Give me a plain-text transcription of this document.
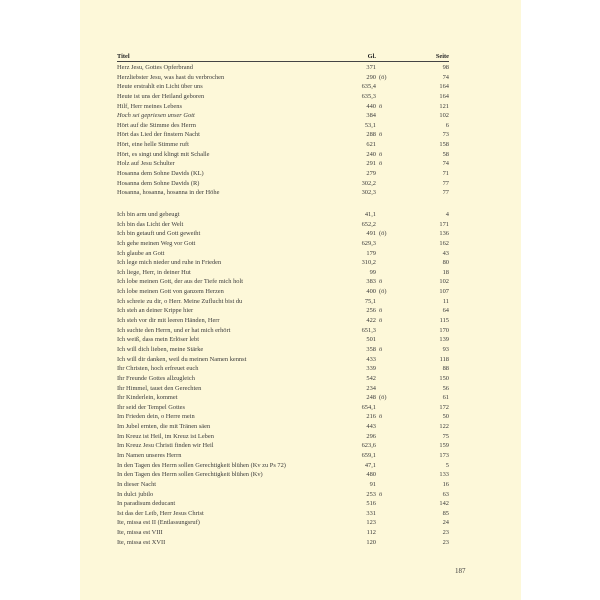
Titel	Gl.	Seite
Herz Jesu, Gottes Opferbrand	371	98
Herzliebster Jesu, was hast du verbrochen	290 (ö)	74
Heute erstrahlt ein Licht über uns	635,4	164
Heute ist uns der Heiland geboren	635,3	164
Hilf, Herr meines Lebens	440 ö	121
Hoch sei gepriesen unser Gott	384	102
Hört auf die Stimme des Herrn	53,1	6
Hört das Lied der finstern Nacht	288 ö	73
Hört, eine helle Stimme ruft	621	158
Hört, es singt und klingt mit Schalle	240 ö	58
Holz auf Jesu Schulter	291 ö	74
Hosanna dem Sohne Davids (KL)	279	71
Hosanna dem Sohne Davids (R)	302,2	77
Hosanna, hosanna, hosanna in der Höhe	302,3	77
Ich bin arm und gebeugt	41,1	4
Ich bin das Licht der Welt	652,2	171
Ich bin getauft und Gott geweiht	491 (ö)	136
Ich gehe meinen Weg vor Gott	629,3	162
Ich glaube an Gott	179	43
Ich lege mich nieder und ruhe in Frieden	310,2	80
Ich liege, Herr, in deiner Hut	99	18
Ich lobe meinen Gott, der aus der Tiefe mich holt	383 ö	102
Ich lobe meinen Gott von ganzem Herzen	400 (ö)	107
Ich schreie zu dir, o Herr. Meine Zuflucht bist du	75,1	11
Ich steh an deiner Krippe hier	256 ö	64
Ich steh vor dir mit leeren Händen, Herr	422 ö	115
Ich suchte den Herrn, und er hat mich erhört	651,3	170
Ich weiß, dass mein Erlöser lebt	501	139
Ich will dich lieben, meine Stärke	358 ö	93
Ich will dir danken, weil du meinen Namen kennst	433	118
Ihr Christen, hoch erfreuet euch	339	88
Ihr Freunde Gottes allzugleich	542	150
Ihr Himmel, tauet den Gerechten	234	56
Ihr Kinderlein, kommet	248 (ö)	61
Ihr seid der Tempel Gottes	654,1	172
Im Frieden dein, o Herre mein	216 ö	50
Im Jubel ernten, die mit Tränen säen	443	122
Im Kreuz ist Heil, im Kreuz ist Leben	296	75
Im Kreuz Jesu Christi finden wir Heil	623,6	159
Im Namen unseres Herrn	659,1	173
In den Tagen des Herrn sollen Gerechtigkeit blühen (Kv zu Ps 72)	47,1	5
In den Tagen des Herrn sollen Gerechtigkeit blühen (Kv)	480	133
In dieser Nacht	91	16
In dulci jubilo	253 ö	63
In paradisum deducant	516	142
Ist das der Leib, Herr Jesus Christ	331	85
Ite, missa est II (Entlassungsruf)	123	24
Ite, missa est VIII	112	23
Ite, missa est XVII	120	23
187
